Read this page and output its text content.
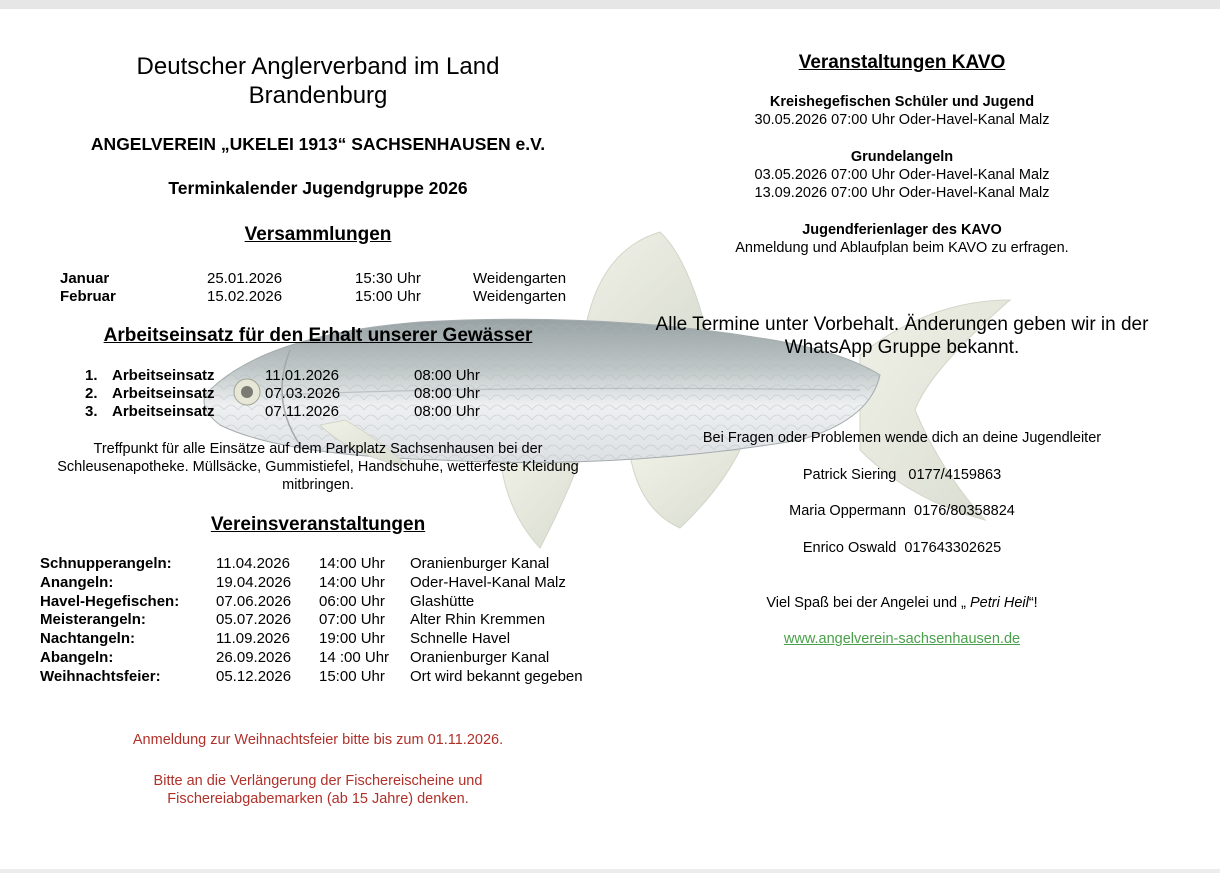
Deutscher Anglerverband im Land Brandenburg
ANGELVEREIN „UKELEI 1913“ SACHSENHAUSEN e.V.
Terminkalender Jugendgruppe 2026
Versammlungen
Januar	25.01.2026	15:30 Uhr	Weidengarten
Februar	15.02.2026	15:00 Uhr	Weidengarten
Arbeitseinsatz für den Erhalt unserer Gewässer
1. Arbeitseinsatz	11.01.2026	08:00 Uhr
2. Arbeitseinsatz	07.03.2026	08:00 Uhr
3. Arbeitseinsatz	07.11.2026	08:00 Uhr
Treffpunkt für alle Einsätze auf dem Parkplatz Sachsenhausen bei der Schleusenapotheke. Müllsäcke, Gummistiefel, Handschuhe, wetterfeste Kleidung mitbringen.
Vereinsveranstaltungen
Schnupperangeln:	11.04.2026 14:00 Uhr Oranienburger Kanal
Anangeln:	19.04.2026 14:00 Uhr Oder-Havel-Kanal Malz
Havel-Hegefischen: 07.06.2026 06:00 Uhr Glashütte
Meisterangeln:	05.07.2026 07:00 Uhr Alter Rhin Kremmen
Nachtangeln:	11.09.2026 19:00 Uhr Schnelle Havel
Abangeln:	26.09.2026 14 :00 Uhr Oranienburger Kanal
Weihnachtsfeier:	05.12.2026 15:00 Uhr Ort wird bekannt gegeben
Anmeldung zur Weihnachtsfeier bitte bis zum 01.11.2026.
Bitte an die Verlängerung der Fischereischeine und
Fischereiabgabemarken (ab 15 Jahre) denken.
Veranstaltungen KAVO
Kreishegefischen Schüler und Jugend
30.05.2026 07:00 Uhr Oder-Havel-Kanal Malz
Grundelangeln
03.05.2026 07:00 Uhr Oder-Havel-Kanal Malz
13.09.2026 07:00 Uhr Oder-Havel-Kanal Malz
Jugendferienlager des KAVO
Anmeldung und Ablaufplan beim KAVO zu erfragen.
Alle Termine unter Vorbehalt. Änderungen geben wir in der WhatsApp Gruppe bekannt.
Bei Fragen oder Problemen wende dich an deine Jugendleiter
Patrick Siering   0177/4159863
Maria Oppermann  0176/80358824
Enrico Oswald  017643302625
Viel Spaß bei der Angelei und „ Petri Heil“!
www.angelverein-sachsenhausen.de
